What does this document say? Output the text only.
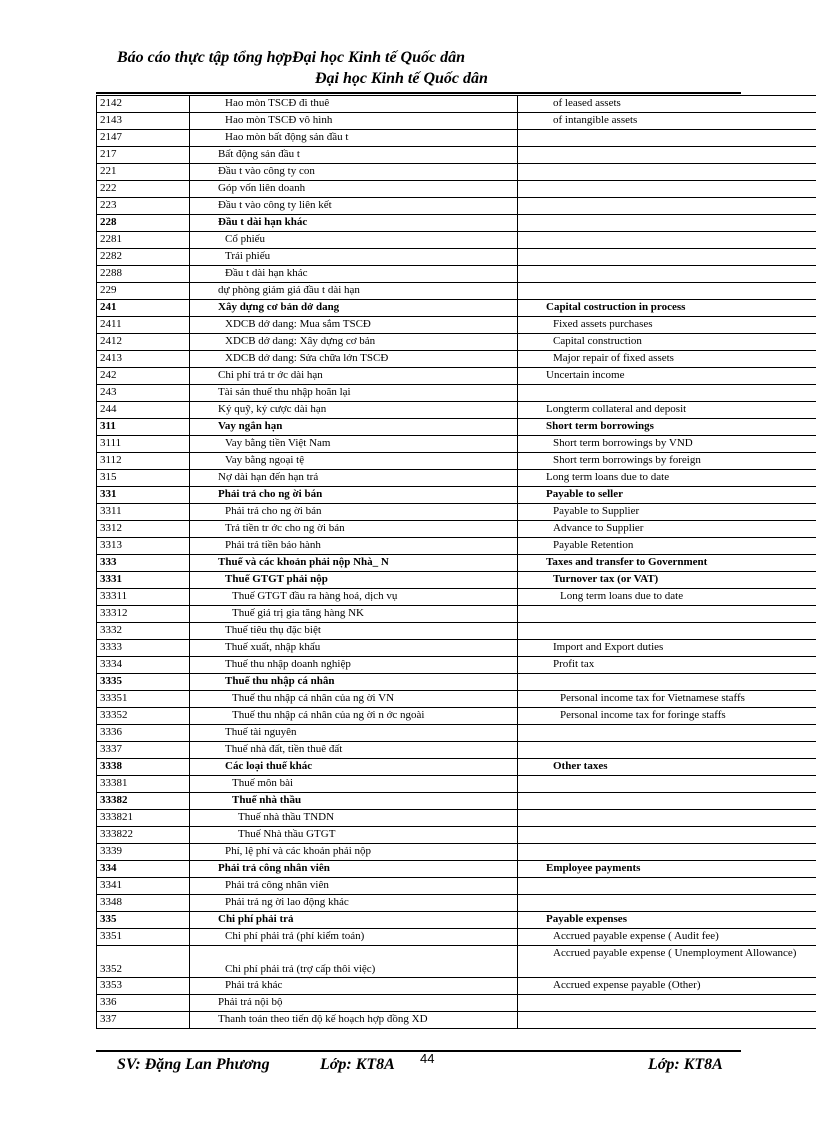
Báo cáo thực tập tổng hợpĐại học Kinh tế Quốc dân
Đại học Kinh tế Quốc dân
2142	Hao mòn TSCĐ đi thuê	of leased assets
2143	Hao mòn TSCĐ vô hình	of intangible assets
2147	Hao mòn bất động sản đầu t	
217	Bất động sản đầu t	
221	Đầu t vào công ty con	
222	Góp vốn liên doanh	
223	Đầu t vào công ty liên kết	
228	Đầu t dài hạn khác	
2281	Cổ phiếu	
2282	Trái phiếu	
2288	Đầu t dài hạn khác	
229	dự phòng giảm giá đầu t dài hạn	
241	Xây dựng cơ bản dở dang	Capital costruction in process
2411	XDCB dở dang: Mua sắm TSCĐ	Fixed assets purchases
2412	XDCB dở dang: Xây dựng cơ bản	Capital construction
2413	XDCB dở dang: Sửa chữa lớn TSCĐ	Major repair of fixed assets
242	Chi phí trả tr ớc dài hạn	Uncertain income
243	Tài sản thuế thu nhập hoãn lại	
244	Ký quỹ, ký cược dài hạn	Longterm collateral and deposit
311	Vay ngắn hạn	Short term borrowings
3111	Vay bằng tiền Việt Nam	Short term borrowings by VND
3112	Vay bằng ngoại tệ	Short term borrowings by foreign
315	Nợ dài hạn đến hạn trả	Long term loans due to date
331	Phải trả cho ng ời bán	Payable to seller
3311	Phải trả cho ng ời bán	Payable to Supplier
3312	Trả tiền tr ớc cho ng ời bán	Advance to Supplier
3313	Phải trả tiền bảo hành	Payable Retention
333	Thuế và các khoản phải nộp Nhà_ N	Taxes and transfer to Government
3331	Thuế GTGT phải nộp	Turnover tax (or VAT)
33311	Thuế GTGT đầu ra hàng hoá, dịch vụ	Long term loans due to date
33312	Thuế giá trị gia tăng hàng NK	
3332	Thuế tiêu thụ đặc biệt	
3333	Thuế xuất, nhập khẩu	Import and Export duties
3334	Thuế thu nhập doanh nghiệp	Profit tax
3335	Thuế thu nhập cá nhân	
33351	Thuế thu nhập cá nhân của ng ời VN	Personal income tax for Vietnamese staffs
33352	Thuế thu nhập cá nhân của ng ời n ớc ngoài	Personal income tax for foringe staffs
3336	Thuế tài nguyên	
3337	Thuế nhà đất, tiền thuê đất	
3338	Các loại thuế khác	Other taxes
33381	Thuế môn bài	
33382	Thuế nhà thầu	
333821	Thuế nhà thầu TNDN	
333822	Thuế Nhà thầu GTGT	
3339	Phí, lệ phí và các khoản phải nộp	
334	Phải trả công nhân viên	Employee payments
3341	Phải trả công nhân viên	
3348	Phải trả ng ời lao động khác	
335	Chi phí phải trả	Payable expenses
3351	Chi phí phải trả (phí kiểm toán)	Accrued payable expense ( Audit fee)
3352	Chi phí phải trả (trợ cấp thôi việc)	Accrued payable expense ( Unemployment Allowance)
3353	Phải trả khác	Accrued expense payable (Other)
336	Phải trả nội bộ	
337	Thanh toán theo tiến độ kế hoạch hợp đồng XD	
SV: Đặng Lan Phương	Lớp: KT8A 44	Lớp: KT8A
